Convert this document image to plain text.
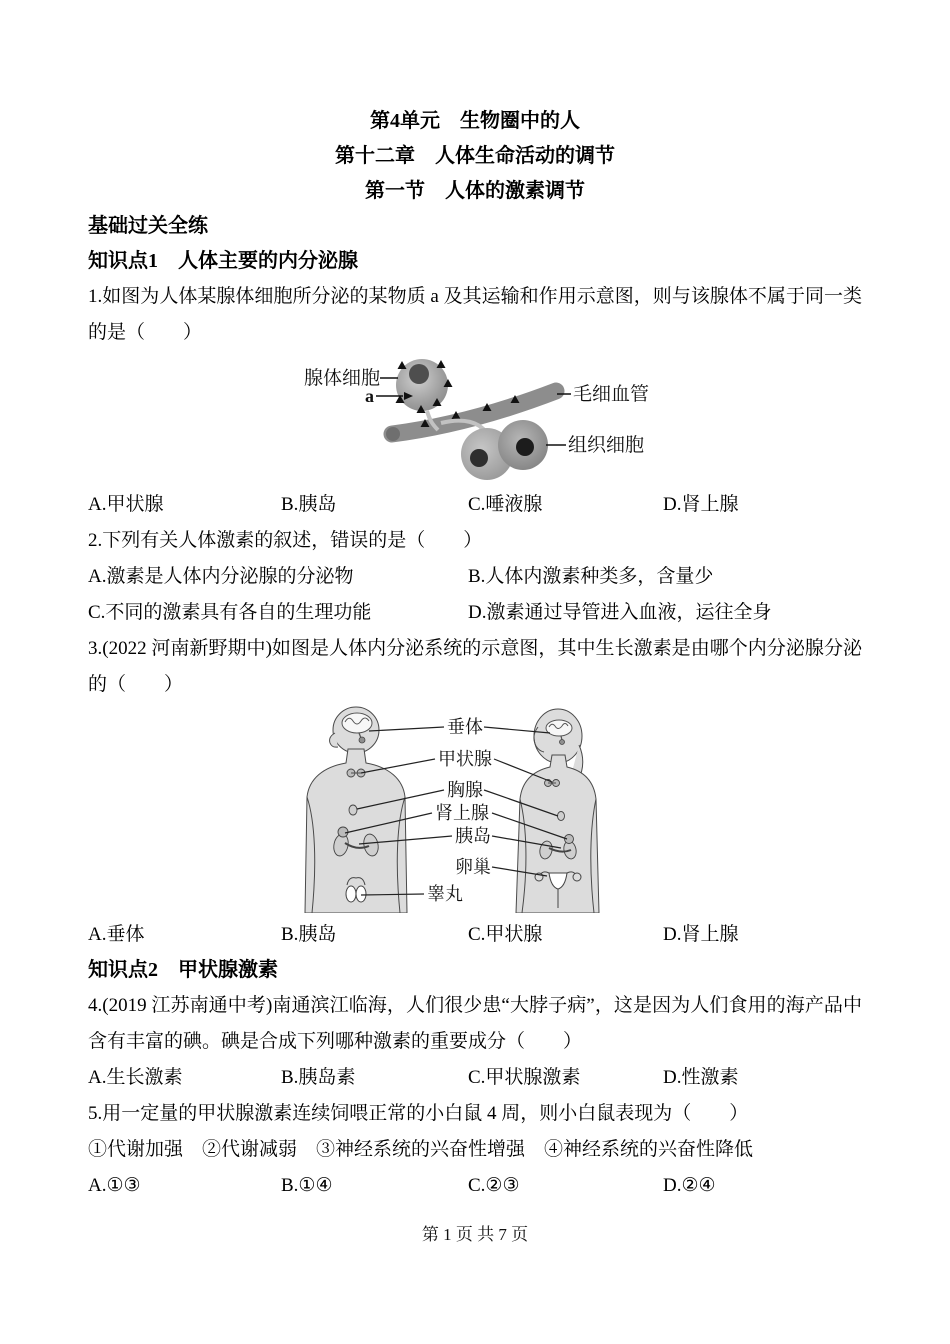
第4单元　生物圈中的人
第十二章　人体生命活动的调节
第一节　人体的激素调节
基础过关全练
知识点1　人体主要的内分泌腺

1.如图为人体某腺体细胞所分泌的某物质 a 及其运输和作用示意图，则与该腺体不属于同一类的是（　　）

腺体细胞
a	毛细血管
组织细胞
A.甲状腺	B.胰岛	C.唾液腺	D.肾上腺

2.下列有关人体激素的叙述，错误的是（　　）

A.激素是人体内分泌腺的分泌物	B.人体内激素种类多，含量少
C.不同的激素具有各自的生理功能	D.激素通过导管进入血液，运往全身

3.(2022 河南新野期中)如图是人体内分泌系统的示意图，其中生长激素是由哪个内分泌腺分泌的（　　）

垂体
甲状腺
胸腺
肾上腺
胰岛
卵巢
睾丸
A.垂体	B.胰岛	C.甲状腺	D.肾上腺
知识点2　甲状腺激素

4.(2019 江苏南通中考)南通滨江临海，人们很少患“大脖子病”，这是因为人们食用的海产品中含有丰富的碘。碘是合成下列哪种激素的重要成分（　　）

A.生长激素	B.胰岛素	C.甲状腺激素	D.性激素

5.用一定量的甲状腺激素连续饲喂正常的小白鼠 4 周，则小白鼠表现为（　　）

①代谢加强　②代谢减弱　③神经系统的兴奋性增强　④神经系统的兴奋性降低

A.①③	B.①④	C.②③	D.②④
第 1 页 共 7 页
